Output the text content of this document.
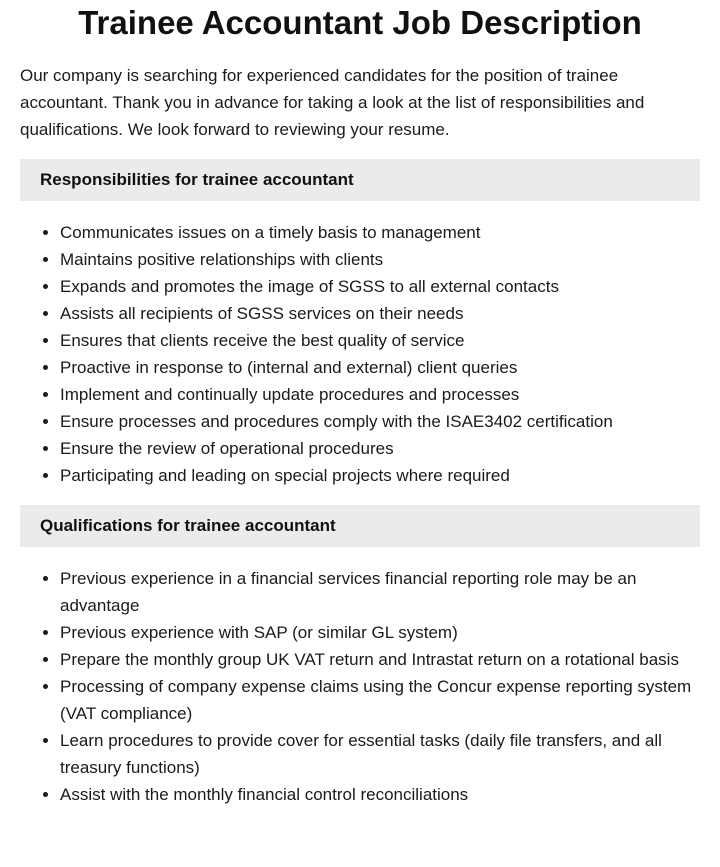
Trainee Accountant Job Description

Our company is searching for experienced candidates for the position of trainee accountant. Thank you in advance for taking a look at the list of responsibilities and qualifications. We look forward to reviewing your resume.

Responsibilities for trainee accountant
• Communicates issues on a timely basis to management
• Maintains positive relationships with clients
• Expands and promotes the image of SGSS to all external contacts
• Assists all recipients of SGSS services on their needs
• Ensures that clients receive the best quality of service
• Proactive in response to (internal and external) client queries
• Implement and continually update procedures and processes
• Ensure processes and procedures comply with the ISAE3402 certification
• Ensure the review of operational procedures
• Participating and leading on special projects where required
Qualifications for trainee accountant
• Previous experience in a financial services financial reporting role may be an advantage
• Previous experience with SAP (or similar GL system)
• Prepare the monthly group UK VAT return and Intrastat return on a rotational basis
• Processing of company expense claims using the Concur expense reporting system (VAT compliance)
• Learn procedures to provide cover for essential tasks (daily file transfers, and all treasury functions)
• Assist with the monthly financial control reconciliations
